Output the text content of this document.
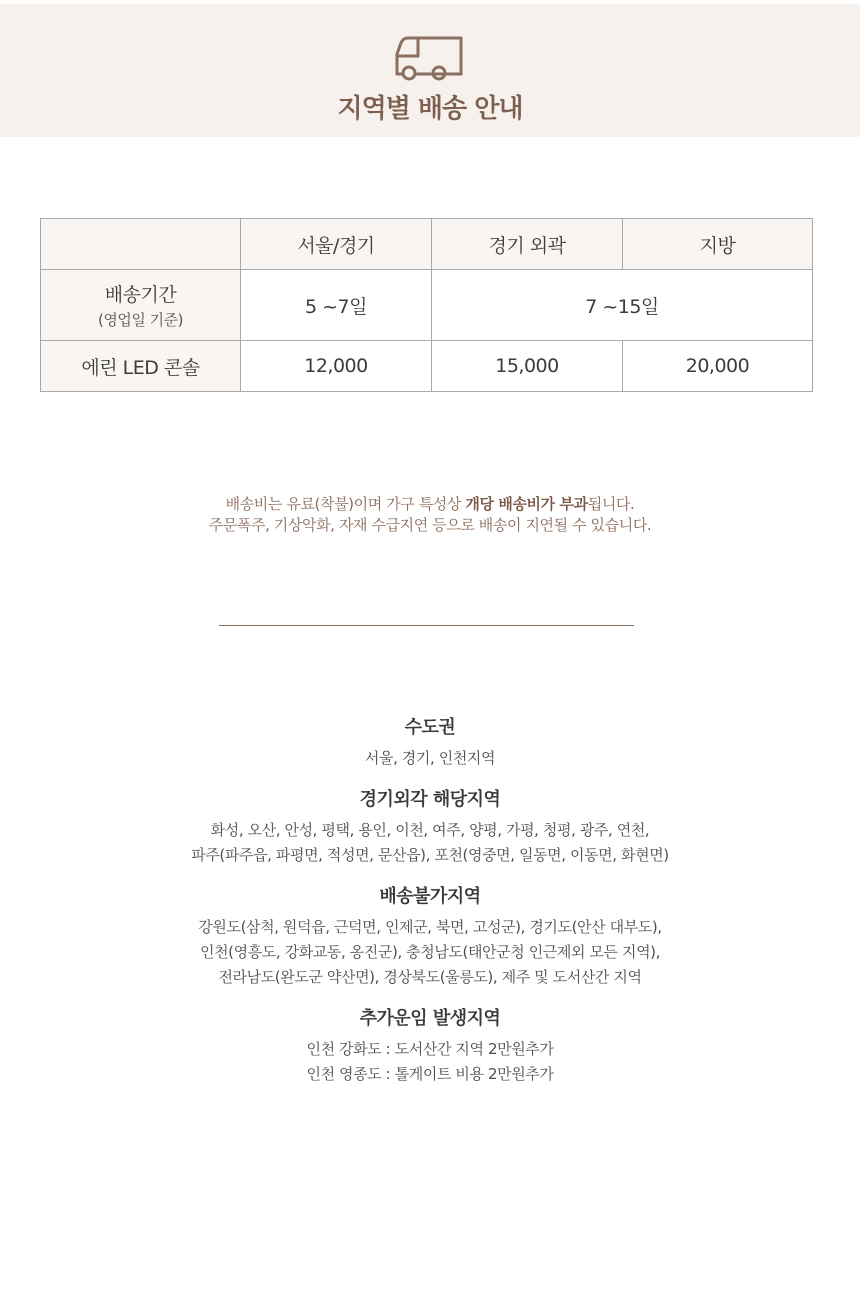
지역별 배송 안내
	서울/경기	경기 외곽	지방
배송기간
(영업일 기준)	5 ~7일	7 ~15일	
에린 LED 콘솔	12,000	15,000	20,000
배송비는 유료(착불)이며 가구 특성상 개당 배송비가 부과됩니다.
주문폭주, 기상악화, 자재 수급지연 등으로 배송이 지연될 수 있습니다.
수도권
서울, 경기, 인천지역
경기외각 해당지역
화성, 오산, 안성, 평택, 용인, 이천, 여주, 양평, 가평, 청평, 광주, 연천,
파주(파주읍, 파평면, 적성면, 문산읍), 포천(영중면, 일동면, 이동면, 화현면)
배송불가지역
강원도(삼척, 원덕읍, 근덕면, 인제군, 북면, 고성군), 경기도(안산 대부도),
인천(영흥도, 강화교동, 옹진군), 충청남도(태안군청 인근제외 모든 지역),
전라남도(완도군 약산면), 경상북도(울릉도), 제주 및 도서산간 지역
추가운임 발생지역
인천 강화도 : 도서산간 지역 2만원추가
인천 영종도 : 톨게이트 비용 2만원추가
